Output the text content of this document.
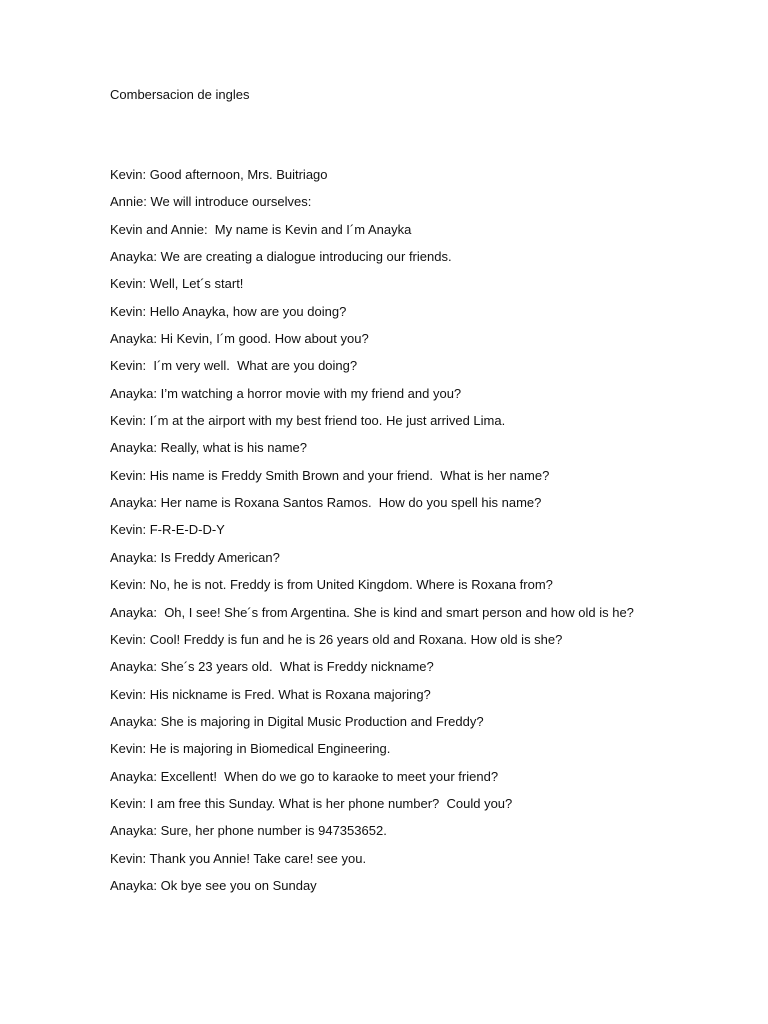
Combersacion de ingles
Kevin: Good afternoon, Mrs. Buitriago
Annie: We will introduce ourselves:
Kevin and Annie:  My name is Kevin and I´m Anayka
Anayka: We are creating a dialogue introducing our friends.
Kevin: Well, Let´s start!
Kevin: Hello Anayka, how are you doing?
Anayka: Hi Kevin, I´m good. How about you?
Kevin:  I´m very well.  What are you doing?
Anayka: I’m watching a horror movie with my friend and you?
Kevin: I´m at the airport with my best friend too. He just arrived Lima.
Anayka: Really, what is his name?
Kevin: His name is Freddy Smith Brown and your friend.  What is her name?
Anayka: Her name is Roxana Santos Ramos.  How do you spell his name?
Kevin: F-R-E-D-D-Y
Anayka: Is Freddy American?
Kevin: No, he is not. Freddy is from United Kingdom. Where is Roxana from?
Anayka:  Oh, I see! She´s from Argentina. She is kind and smart person and how old is he?
Kevin: Cool! Freddy is fun and he is 26 years old and Roxana. How old is she?
Anayka: She´s 23 years old.  What is Freddy nickname?
Kevin: His nickname is Fred. What is Roxana majoring?
Anayka: She is majoring in Digital Music Production and Freddy?
Kevin: He is majoring in Biomedical Engineering.
Anayka: Excellent!  When do we go to karaoke to meet your friend?
Kevin: I am free this Sunday. What is her phone number?  Could you?
Anayka: Sure, her phone number is 947353652.
Kevin: Thank you Annie! Take care! see you.
Anayka: Ok bye see you on Sunday
